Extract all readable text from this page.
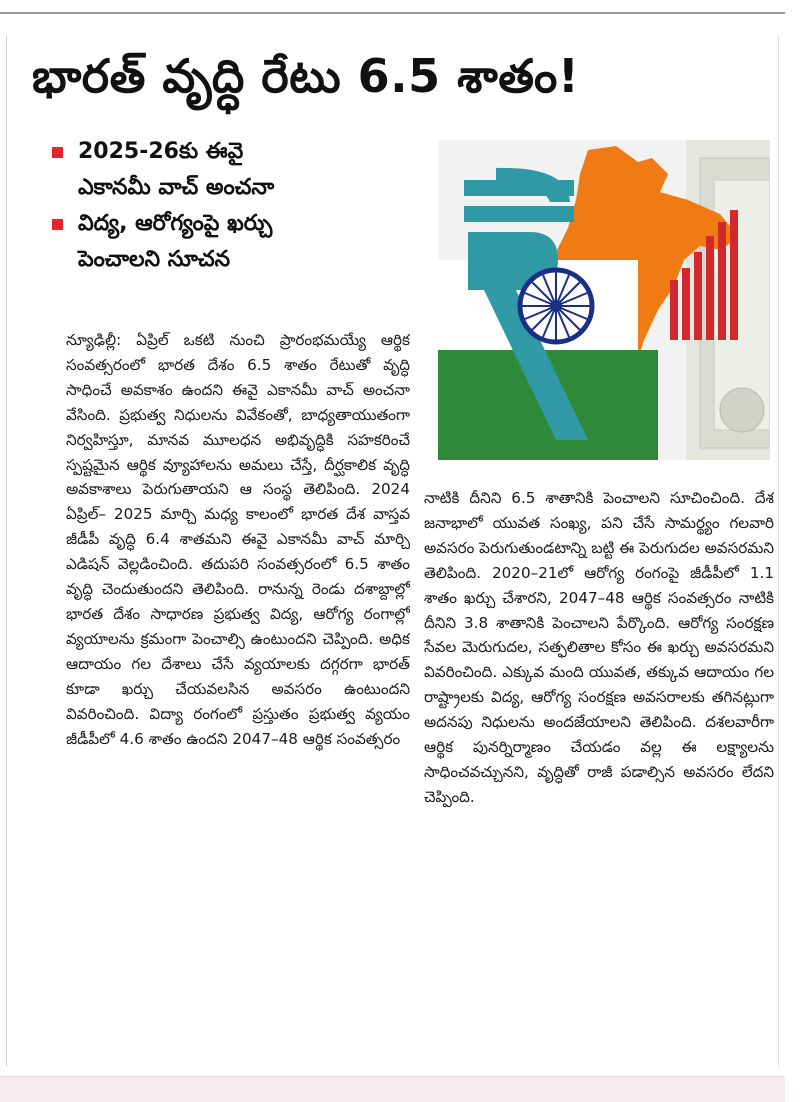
భారత్ వృద్ధి రేటు 6.5 శాతం!
2025-26కు ఈవై
ఎకానమీ వాచ్ అంచనా
విద్య, ఆరోగ్యంపై ఖర్చు
పెంచాలని సూచన

న్యూఢిల్లీ: ఏప్రిల్ ఒకటి నుంచి ప్రారంభమయ్యే ఆర్థిక సంవత్సరంలో భారత దేశం 6.5 శాతం రేటుతో వృద్ధి సాధించే అవకాశం ఉందని ఈవై ఎకానమీ వాచ్ అంచనా వేసింది. ప్రభుత్వ నిధులను వివేకంతో, బాధ్యతాయుతంగా నిర్వహిస్తూ, మానవ మూలధన అభివృద్ధికి సహకరించే స్పష్టమైన ఆర్థిక వ్యూహాలను అమలు చేస్తే, దీర్ఘకాలిక వృద్ధి అవకాశాలు పెరుగుతాయని ఆ సంస్థ తెలిపింది. 2024 ఏప్రిల్– 2025 మార్చి మధ్య కాలంలో భారత దేశ వాస్తవ జీడీపీ వృద్ధి 6.4 శాతమని ఈవై ఎకానమీ వాచ్ మార్చి ఎడిషన్ వెల్లడించింది. తదుపరి సంవత్సరంలో 6.5 శాతం వృద్ధి చెందుతుందని తెలిపింది. రానున్న రెండు దశాబ్దాల్లో భారత దేశం సాధారణ ప్రభుత్వ విద్య, ఆరోగ్య రంగాల్లో వ్యయాలను క్రమంగా పెంచాల్సి ఉంటుందని చెప్పింది. అధిక ఆదాయం గల దేశాలు చేసే వ్యయాలకు దగ్గరగా భారత్ కూడా ఖర్చు చేయవలసిన అవసరం ఉంటుందని వివరించింది. విద్యా రంగంలో ప్రస్తుతం ప్రభుత్వ వ్యయం జీడీపీలో 4.6 శాతం ఉందని 2047–48 ఆర్థిక సంవత్సరం

నాటికి దీనిని 6.5 శాతానికి పెంచాలని సూచించింది. దేశ జనాభాలో యువత సంఖ్య, పని చేసే సామర్థ్యం గలవారి అవసరం పెరుగుతుండటాన్ని బట్టి ఈ పెరుగుదల అవసరమని తెలిపింది. 2020–21లో ఆరోగ్య రంగంపై జీడీపీలో 1.1 శాతం ఖర్చు చేశారని, 2047–48 ఆర్థిక సంవత్సరం నాటికి దీనిని 3.8 శాతానికి పెంచాలని పేర్కొంది. ఆరోగ్య సంరక్షణ సేవల మెరుగుదల, సత్ఫలితాల కోసం ఈ ఖర్చు అవసరమని వివరించింది. ఎక్కువ మంది యువత, తక్కువ ఆదాయం గల రాష్ట్రాలకు విద్య, ఆరోగ్య సంరక్షణ అవసరాలకు తగినట్లుగా అదనపు నిధులను అందజేయాలని తెలిపింది. దశలవారీగా ఆర్థిక పునర్నిర్మాణం చేయడం వల్ల ఈ లక్ష్యాలను సాధించవచ్చునని, వృద్ధితో రాజీ పడాల్సిన అవసరం లేదని చెప్పింది.
